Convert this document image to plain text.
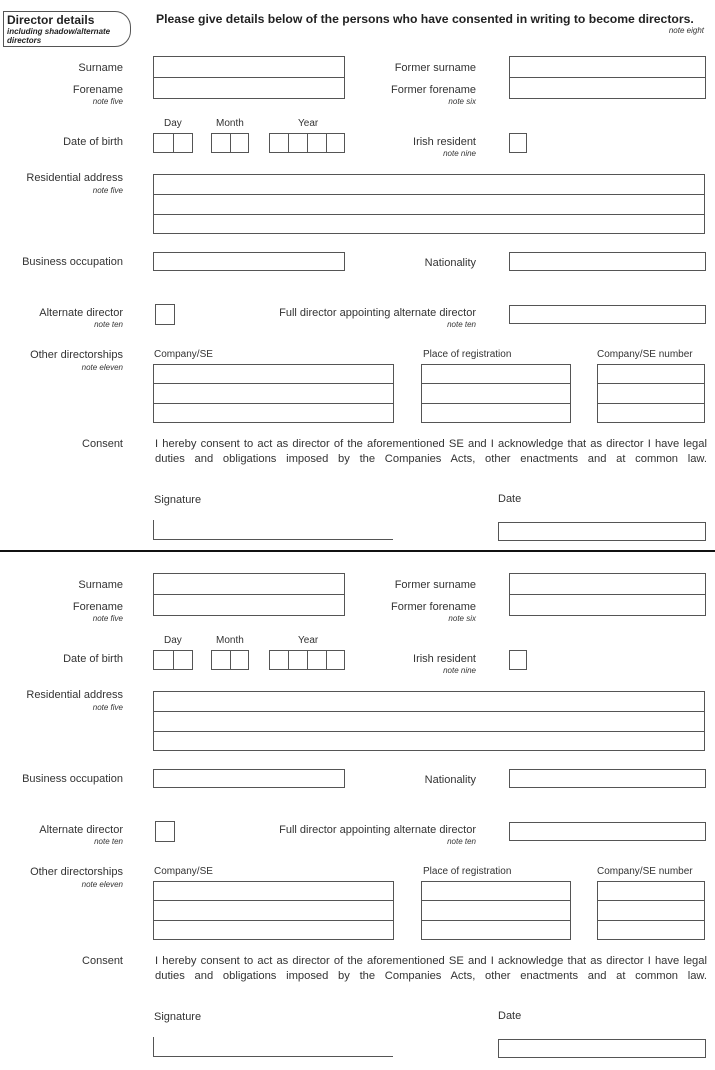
Director details
including shadow/alternate directors
Please give details below of the persons who have consented in writing to become directors.
note eight
Surname
Forename
note five
Former surname
Former forename
note six
Day	Month	Year
Date of birth	Irish resident
note nine
Residential address
note five
Business occupation	Nationality
Alternate director
note ten
Full director appointing alternate director
note ten
Other directorships
note eleven
Company/SE	Place of registration	Company/SE number
Consent	I hereby consent to act as director of the aforementioned SE and I acknowledge that as director I have legal duties and obligations imposed by the Companies Acts, other enactments and at common law.
Signature	Date
Surname
Forename
note five
Former surname
Former forename
note six
Day	Month	Year
Date of birth	Irish resident
note nine
Residential address
note five
Business occupation	Nationality
Alternate director
note ten
Full director appointing alternate director
note ten
Other directorships
note eleven
Company/SE	Place of registration	Company/SE number
Consent	I hereby consent to act as director of the aforementioned SE and I acknowledge that as director I have legal duties and obligations imposed by the Companies Acts, other enactments and at common law.
Signature	Date
